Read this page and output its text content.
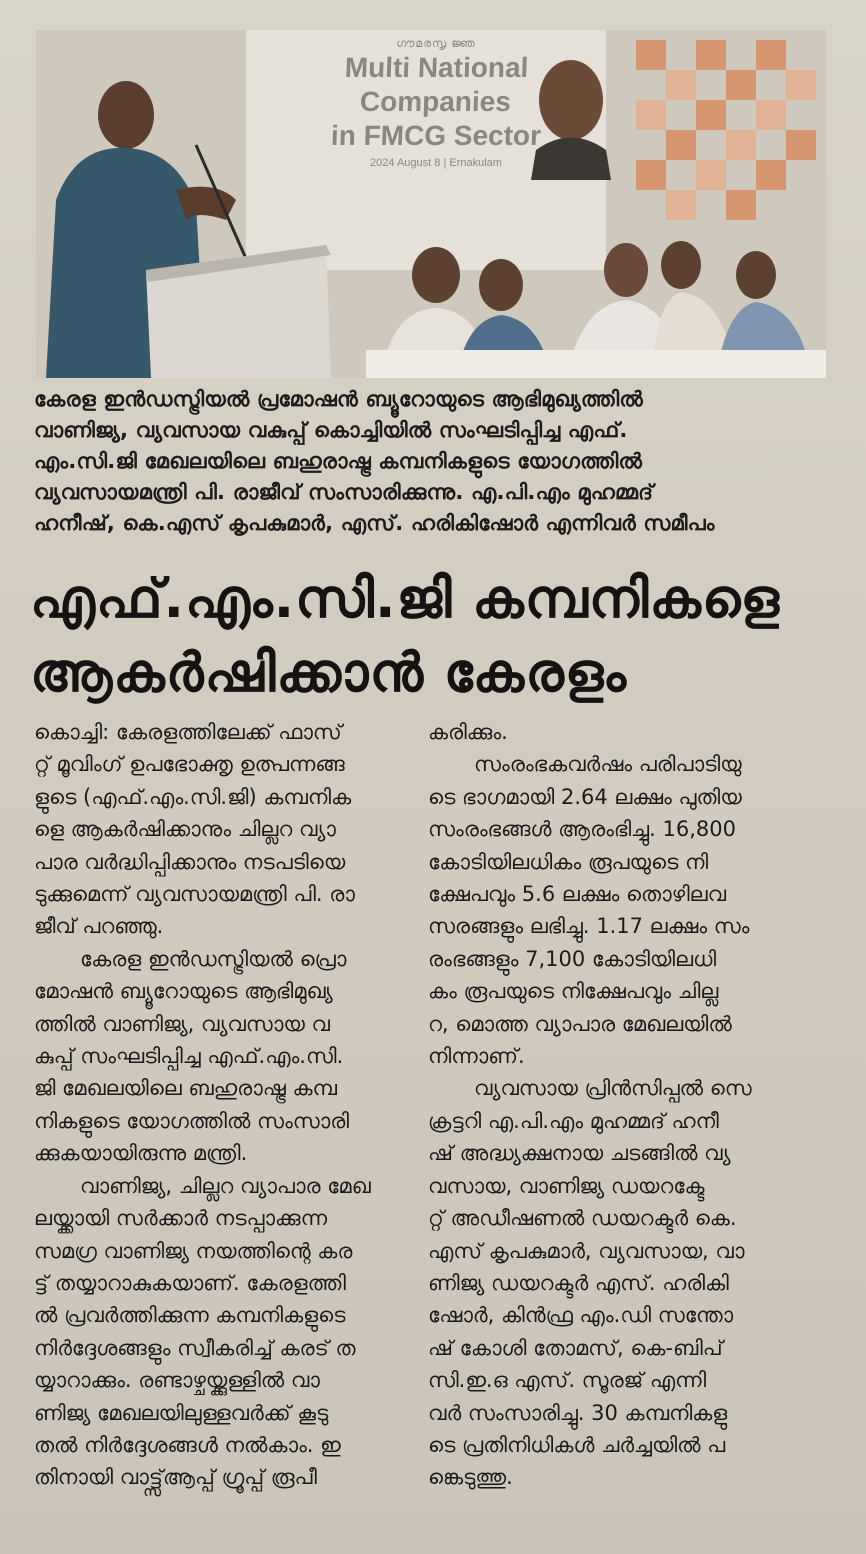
ഗൗമരസൃ ജ്ഞ
Multi National Companies
in FMCG Sector
2024 August 8 | Ernakulam
കേരള ഇൻഡസ്ട്രിയൽ പ്രമോഷൻ ബ്യൂറോയുടെ ആഭിമുഖ്യത്തിൽ
വാണിജ്യ, വ്യവസായ വകുപ്പ് കൊച്ചിയിൽ സംഘടിപ്പിച്ച എഫ്.
എം.സി.ജി മേഖലയിലെ ബഹുരാഷ്ട്ര കമ്പനികളുടെ യോഗത്തിൽ
വ്യവസായമന്ത്രി പി. രാജീവ് സംസാരിക്കുന്നു. എ.പി.എം മുഹമ്മദ്
ഹനീഷ്, കെ.എസ് കൃപകുമാർ, എസ്. ഹരികിഷോർ എന്നിവർ സമീപം
എഫ്.എം.സി.ജി കമ്പനികളെ
ആകർഷിക്കാൻ കേരളം

കൊച്ചി: കേരളത്തിലേക്ക് ഫാസ്
റ്റ് മൂവിംഗ് ഉപഭോക്തൃ ഉത്പന്നങ്ങ
ളുടെ (എഫ്.എം.സി.ജി) കമ്പനിക
ളെ ആകർഷിക്കാനും ചില്ലറ വ്യാ
പാര വർദ്ധിപ്പിക്കാനും നടപടിയെ
ടുക്കുമെന്ന് വ്യവസായമന്ത്രി പി. രാ
ജീവ് പറഞ്ഞു.

കേരള ഇൻഡസ്ട്രിയൽ പ്രൊ
മോഷൻ ബ്യൂറോയുടെ ആഭിമുഖ്യ
ത്തിൽ വാണിജ്യ, വ്യവസായ വ
കുപ്പ് സംഘടിപ്പിച്ച എഫ്.എം.സി.
ജി മേഖലയിലെ ബഹുരാഷ്ട്ര കമ്പ
നികളുടെ യോഗത്തിൽ സംസാരി
ക്കുകയായിരുന്നു മന്ത്രി.

വാണിജ്യ, ചില്ലറ വ്യാപാര മേഖ
ലയ്ക്കായി സർക്കാർ നടപ്പാക്കുന്ന
സമഗ്ര വാണിജ്യ നയത്തിന്റെ കര
ട്ട് തയ്യാറാകുകയാണ്. കേരളത്തി
ൽ പ്രവർത്തിക്കുന്ന കമ്പനികളുടെ
നിർദ്ദേശങ്ങളും സ്വീകരിച്ച് കരട് ത
യ്യാറാക്കും. രണ്ടാഴ്ചയ്ക്കുള്ളിൽ വാ
ണിജ്യ മേഖലയിലുള്ളവർക്ക് കൂടു
തൽ നിർദ്ദേശങ്ങൾ നൽകാം. ഇ
തിനായി വാട്ട്സ്ആപ്പ് ഗ്രൂപ്പ് രൂപീ

കരിക്കും.

സംരംഭകവർഷം പരിപാടിയു
ടെ ഭാഗമായി 2.64 ലക്ഷം പുതിയ
സംരംഭങ്ങൾ ആരംഭിച്ചു. 16,800
കോടിയിലധികം രൂപയുടെ നി
ക്ഷേപവും 5.6 ലക്ഷം തൊഴിലവ
സരങ്ങളും ലഭിച്ചു. 1.17 ലക്ഷം സം
രംഭങ്ങളും 7,100 കോടിയിലധി
കം രൂപയുടെ നിക്ഷേപവും ചില്ല
റ, മൊത്ത വ്യാപാര മേഖലയിൽ
നിന്നാണ്.

വ്യവസായ പ്രിൻസിപ്പൽ സെ
ക്രട്ടറി എ.പി.എം മുഹമ്മദ് ഹനീ
ഷ് അദ്ധ്യക്ഷനായ ചടങ്ങിൽ വ്യ
വസായ, വാണിജ്യ ഡയറക്ടേ
റ്റ് അഡീഷണൽ ഡയറക്ടർ കെ.
എസ് കൃപകുമാർ, വ്യവസായ, വാ
ണിജ്യ ഡയറക്ടർ എസ്. ഹരികി
ഷോർ, കിൻഫ്ര എം.ഡി സന്തോ
ഷ് കോശി തോമസ്, കെ-ബിപ്
സി.ഇ.ഒ എസ്. സൂരജ് എന്നി
വർ സംസാരിച്ചു. 30 കമ്പനികളു
ടെ പ്രതിനിധികൾ ചർച്ചയിൽ പ
ങ്കെടുത്തു.
